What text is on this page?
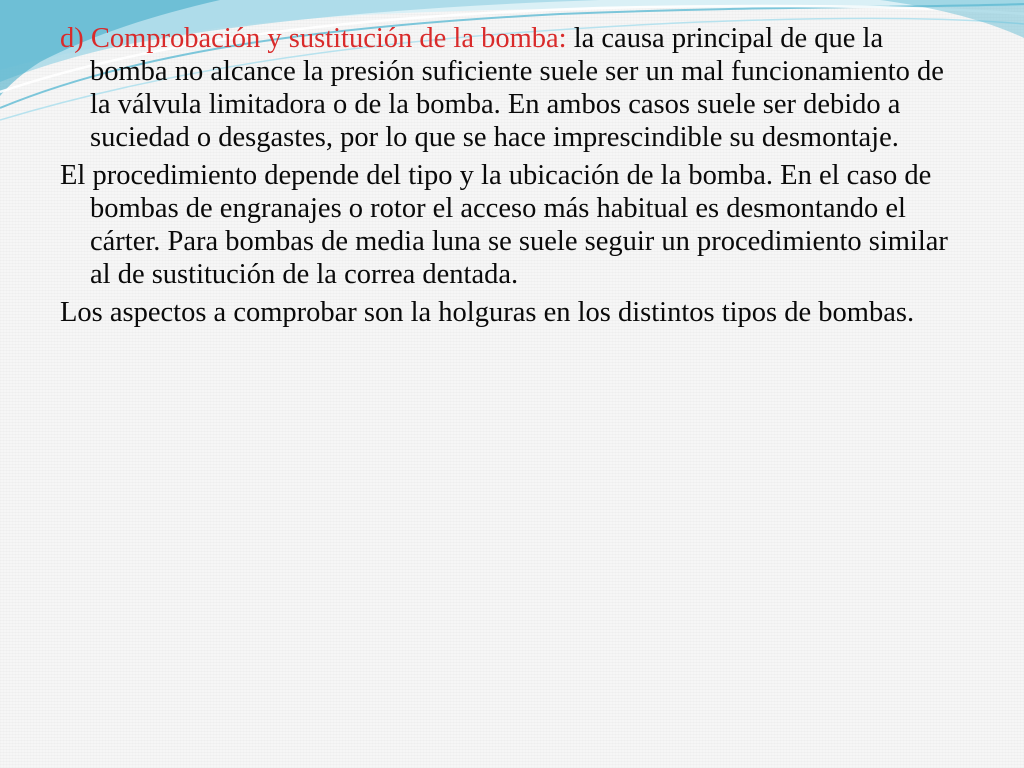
d) Comprobación y sustitución de la bomba: la causa principal de que la bomba no alcance la presión suficiente suele ser un mal funcionamiento de la válvula limitadora o de la bomba. En ambos casos suele ser debido a suciedad o desgastes, por lo que se hace imprescindible su desmontaje.

El procedimiento depende del tipo y la ubicación de la bomba. En el caso de bombas de engranajes o rotor el acceso más habitual es desmontando el cárter. Para bombas de media luna se suele seguir un procedimiento similar al de sustitución de la correa dentada.

Los aspectos a comprobar son la holguras en los distintos tipos de bombas.
